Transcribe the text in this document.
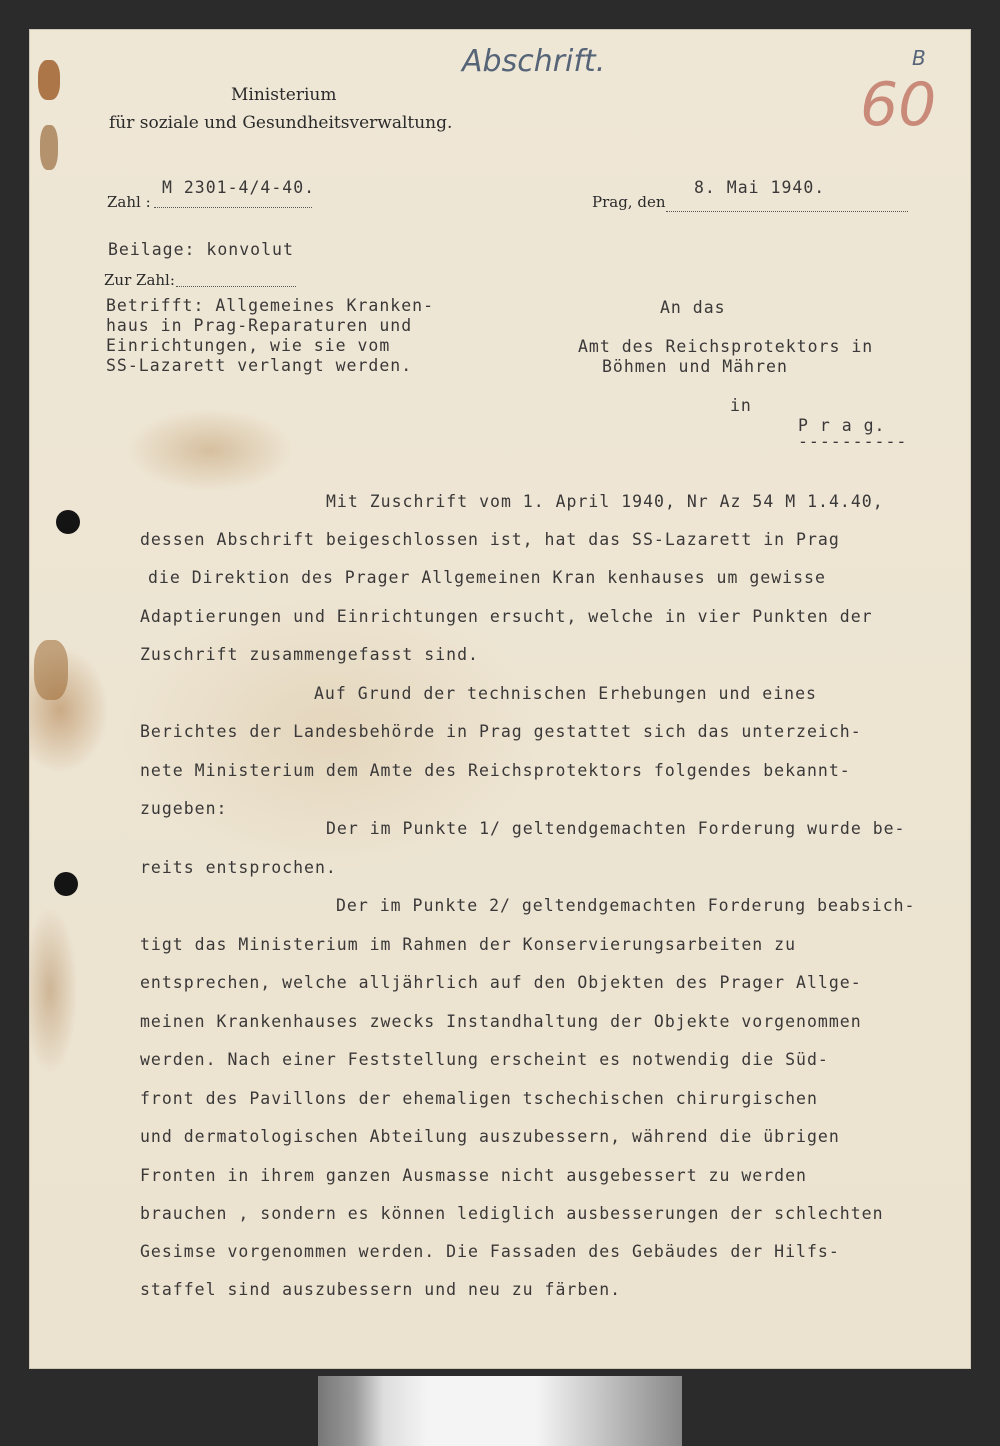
Abschrift.
60
B
Ministerium
für soziale und Gesundheitsverwaltung.
Zahl :
M 2301-4/4-40.
Prag, den
8. Mai 1940.
Beilage: konvolut
Zur Zahl:
Betrifft: Allgemeines Kranken-
haus in Prag-Reparaturen und
Einrichtungen, wie sie vom
SS-Lazarett verlangt werden.
An das
Amt des Reichsprotektors in
Böhmen und Mähren
in
P r a g.
----------
Mit Zuschrift vom 1. April 1940, Nr Az 54 M 1.4.40,
dessen Abschrift beigeschlossen ist, hat das SS-Lazarett in Prag
die Direktion des Prager Allgemeinen Kran kenhauses um gewisse
Adaptierungen und Einrichtungen ersucht, welche in vier Punkten der
Zuschrift zusammengefasst sind.
Auf Grund der technischen Erhebungen und eines
Berichtes der Landesbehörde in Prag gestattet sich das unterzeich-
nete Ministerium dem Amte des Reichsprotektors folgendes bekannt-
zugeben:
Der im Punkte 1/ geltendgemachten Forderung wurde be-
reits entsprochen.
Der im Punkte 2/ geltendgemachten Forderung beabsich-
tigt das Ministerium im Rahmen der Konservierungsarbeiten zu
entsprechen, welche alljährlich auf den Objekten des Prager Allge-
meinen Krankenhauses zwecks Instandhaltung der Objekte vorgenommen
werden. Nach einer Feststellung erscheint es notwendig die Süd-
front des Pavillons der ehemaligen tschechischen chirurgischen
und dermatologischen Abteilung auszubessern, während die übrigen
Fronten in ihrem ganzen Ausmasse nicht ausgebessert zu werden
brauchen , sondern es können lediglich ausbesserungen der schlechten
Gesimse vorgenommen werden. Die Fassaden des Gebäudes der Hilfs-
staffel sind auszubessern und neu zu färben.
